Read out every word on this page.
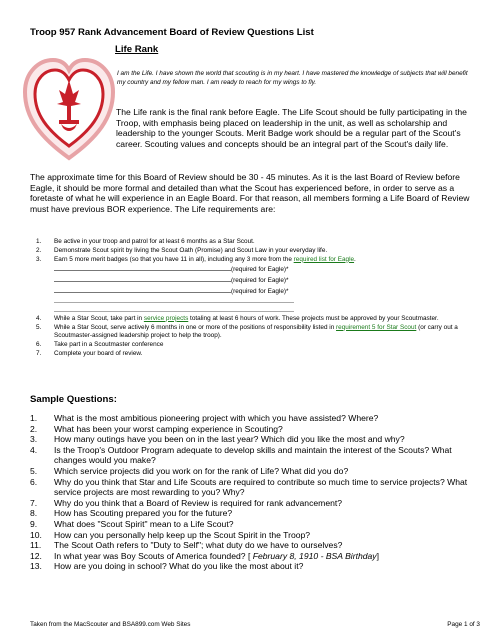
Troop 957 Rank Advancement Board of Review Questions List
Life Rank
I am the Life. I have shown the world that scouting is in my heart. I have mastered the knowledge of subjects that will benefit my country and my fellow man. I am ready to reach for my wings to fly.
The Life rank is the final rank before Eagle. The Life Scout should be fully participating in the Troop, with emphasis being placed on leadership in the unit, as well as scholarship and leadership to the younger Scouts. Merit Badge work should be a regular part of the Scout's career. Scouting values and concepts should be an integral part of the Scout's daily life.
The approximate time for this Board of Review should be 30 - 45 minutes. As it is the last Board of Review before Eagle, it should be more formal and detailed than what the Scout has experienced before, in order to serve as a foretaste of what he will experience in an Eagle Board. For that reason, all members forming a Life Board of Review must have previous BOR experience. The Life requirements are:
1. Be active in your troop and patrol for at least 6 months as a Star Scout.
2. Demonstrate Scout spirit by living the Scout Oath (Promise) and Scout Law in your everyday life.
3. Earn 5 more merit badges (so that you have 11 in all), including any 3 more from the required list for Eagle.
(required for Eagle)*
(required for Eagle)*
(required for Eagle)*
4. While a Star Scout, take part in service projects totaling at least 6 hours of work. These projects must be approved by your Scoutmaster.
5. While a Star Scout, serve actively 6 months in one or more of the positions of responsibility listed in requirement 5 for Star Scout (or carry out a Scoutmaster-assigned leadership project to help the troop).
6. Take part in a Scoutmaster conference
7. Complete your board of review.
Sample Questions:
1. What is the most ambitious pioneering project with which you have assisted? Where?
2. What has been your worst camping experience in Scouting?
3. How many outings have you been on in the last year? Which did you like the most and why?
4. Is the Troop's Outdoor Program adequate to develop skills and maintain the interest of the Scouts? What changes would you make?
5. Which service projects did you work on for the rank of Life? What did you do?
6. Why do you think that Star and Life Scouts are required to contribute so much time to service projects? What service projects are most rewarding to you? Why?
7. Why do you think that a Board of Review is required for rank advancement?
8. How has Scouting prepared you for the future?
9. What does "Scout Spirit" mean to a Life Scout?
10. How can you personally help keep up the Scout Spirit in the Troop?
11. The Scout Oath refers to "Duty to Self"; what duty do we have to ourselves?
12. In what year was Boy Scouts of America founded? [ February 8, 1910 - BSA Birthday]
13. How are you doing in school? What do you like the most about it?
Taken from the MacScouter and BSA899.com Web Sites	Page 1 of 3
